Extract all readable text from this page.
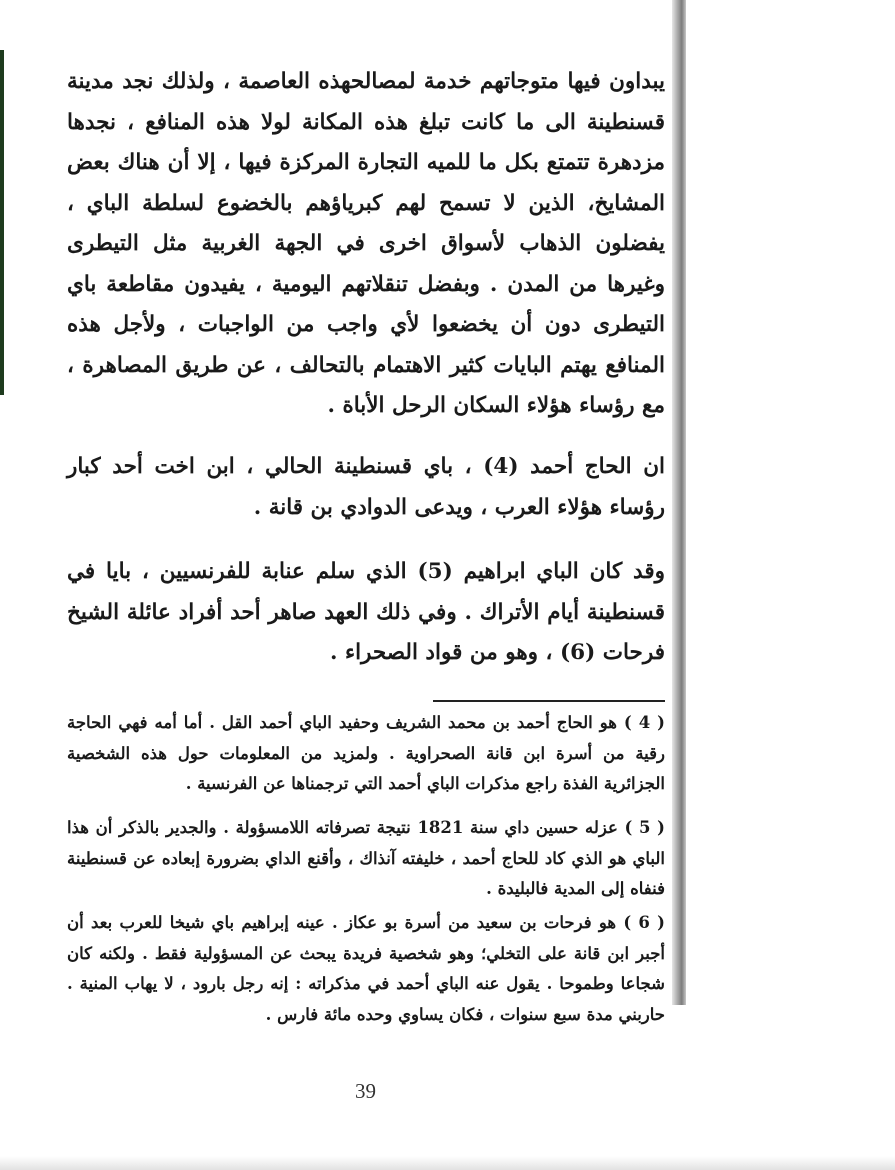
يبداون فيها متوجاتهم خدمة لمصالحهذه العاصمة ، ولذلك نجد مدينة قسنطينة الى ما كانت تبلغ هذه المكانة لولا هذه المنافع ، نجدها مزدهرة تتمتع بكل ما للميه التجارة المركزة فيها ، إلا أن هناك بعض المشايخ، الذين لا تسمح لهم كبرياؤهم بالخضوع لسلطة الباي ، يفضلون الذهاب لأسواق اخرى في الجهة الغربية مثل التيطرى وغيرها من المدن . وبفضل تنقلاتهم اليومية ، يفيدون مقاطعة باي التيطرى دون أن يخضعوا لأي واجب من الواجبات ، ولأجل هذه المنافع يهتم البايات كثير الاهتمام بالتحالف ، عن طريق المصاهرة ، مع رؤساء هؤلاء السكان الرحل الأباة .

ان الحاج أحمد (4) ، باي قسنطينة الحالي ، ابن اخت أحد كبار رؤساء هؤلاء العرب ، ويدعى الدوادي بن قانة .

وقد كان الباي ابراهيم (5) الذي سلم عنابة للفرنسيين ، بايا في قسنطينة أيام الأتراك . وفي ذلك العهد صاهر أحد أفراد عائلة الشيخ فرحات (6) ، وهو من قواد الصحراء .

( 4 ) هو الحاج أحمد بن محمد الشريف وحفيد الباي أحمد القل . أما أمه فهي الحاجة رقية من أسرة ابن قانة الصحراوية . ولمزيد من المعلومات حول هذه الشخصية الجزائرية الفذة راجع مذكرات الباي أحمد التي ترجمناها عن الفرنسية .

( 5 ) عزله حسين داي سنة 1821 نتيجة تصرفاته اللامسؤولة . والجدير بالذكر أن هذا الباي هو الذي كاد للحاج أحمد ، خليفته آنذاك ، وأقنع الداي بضرورة إبعاده عن قسنطينة فنفاه إلى المدية فالبليدة .

( 6 ) هو فرحات بن سعيد من أسرة بو عكاز . عينه إبراهيم باي شيخا للعرب بعد أن أجبر ابن قانة على التخلي؛ وهو شخصية فريدة يبحث عن المسؤولية فقط . ولكنه كان شجاعا وطموحا . يقول عنه الباي أحمد في مذكراته : إنه رجل بارود ، لا يهاب المنية . حاربني مدة سبع سنوات ، فكان يساوي وحده مائة فارس .

39
